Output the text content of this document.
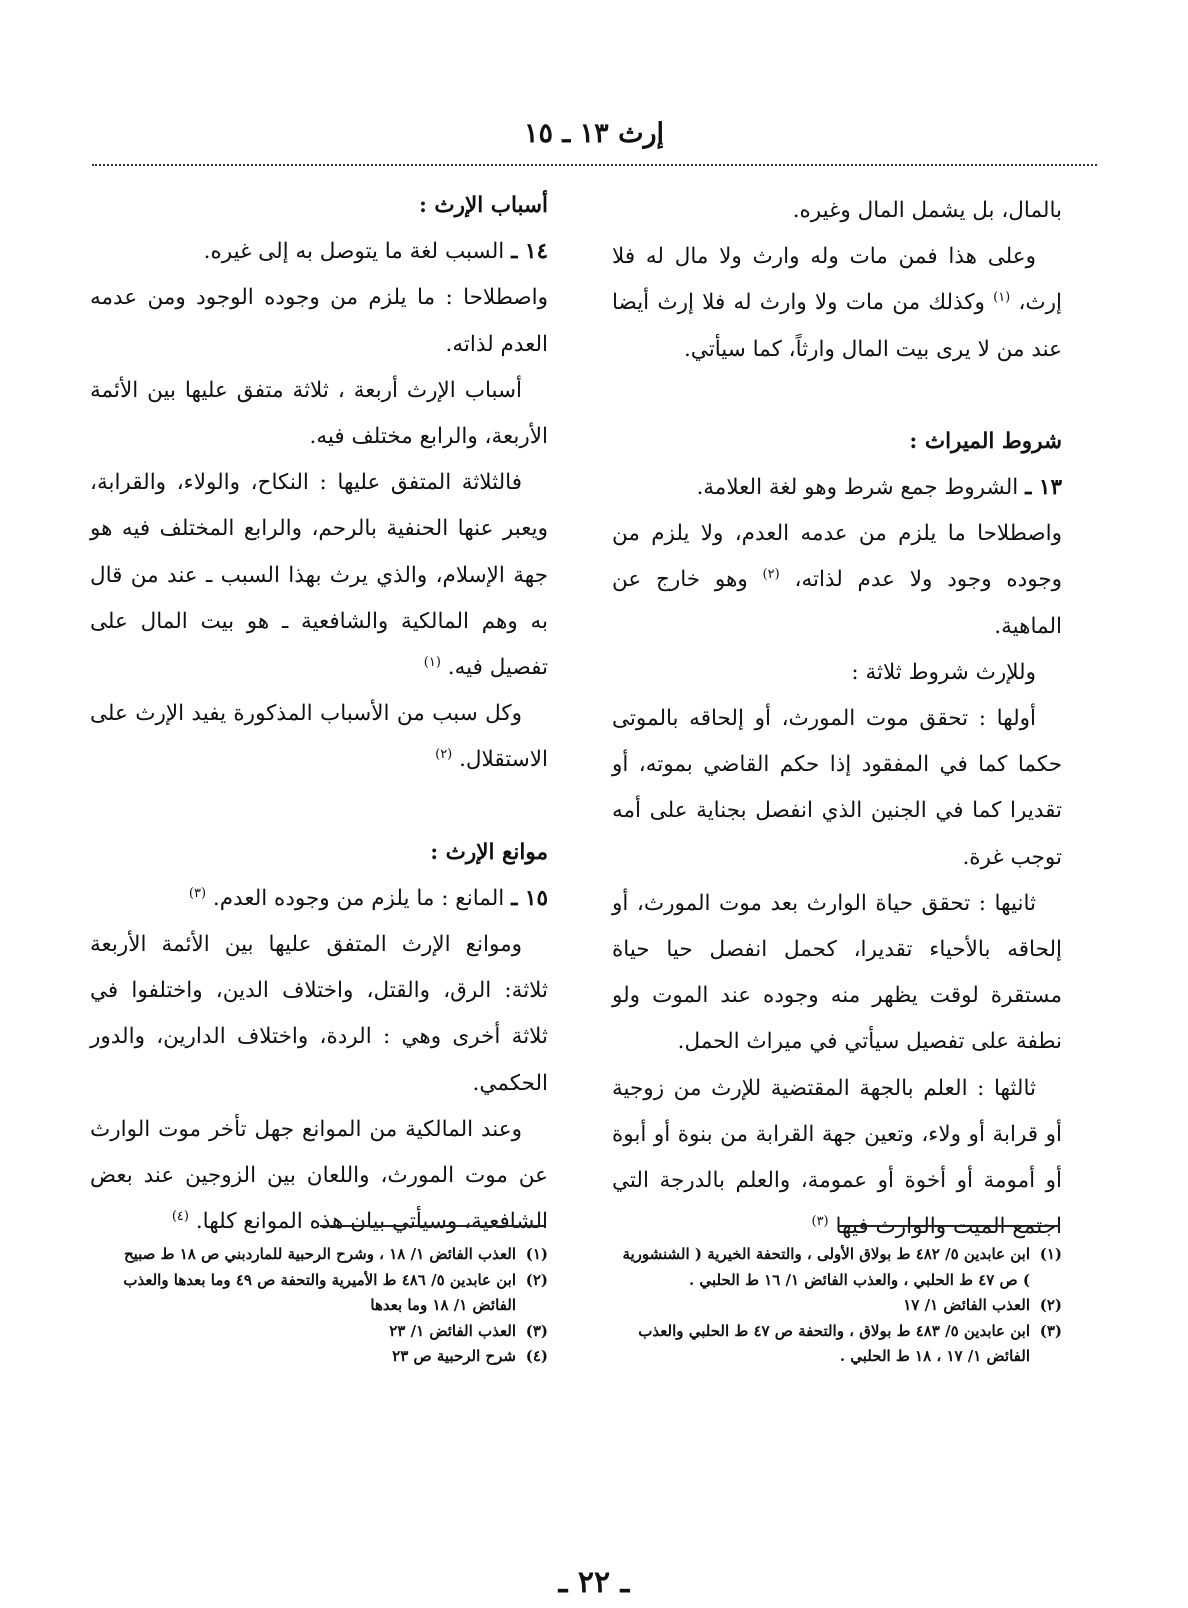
إرث ١٣ ـ ١٥

بالمال، بل يشمل المال وغيره.

وعلى هذا فمن مات وله وارث ولا مال له فلا إرث، $^{(١)}$ وكذلك من مات ولا وارث له فلا إرث أيضا عند من لا يرى بيت المال وارثاً، كما سيأتي.

شروط الميراث :

١٣ ـ الشروط جمع شرط وهو لغة العلامة.

واصطلاحا ما يلزم من عدمه العدم، ولا يلزم من وجوده وجود ولا عدم لذاته، $^{(٢)}$ وهو خارج عن الماهية.

وللإرث شروط ثلاثة :

أولها : تحقق موت المورث، أو إلحاقه بالموتى حكما كما في المفقود إذا حكم القاضي بموته، أو تقديرا كما في الجنين الذي انفصل بجناية على أمه توجب غرة.

ثانيها : تحقق حياة الوارث بعد موت المورث، أو إلحاقه بالأحياء تقديرا، كحمل انفصل حيا حياة مستقرة لوقت يظهر منه وجوده عند الموت ولو نطفة على تفصيل سيأتي في ميراث الحمل.

ثالثها : العلم بالجهة المقتضية للإرث من زوجية أو قرابة أو ولاء، وتعين جهة القرابة من بنوة أو أبوة أو أمومة أو أخوة أو عمومة، والعلم بالدرجة التي اجتمع الميت والوارث فيها $^{(٣)}$

أسباب الإرث :

١٤ ـ السبب لغة ما يتوصل به إلى غيره.

واصطلاحا : ما يلزم من وجوده الوجود ومن عدمه العدم لذاته.

أسباب الإرث أربعة ، ثلاثة متفق عليها بين الأئمة الأربعة، والرابع مختلف فيه.

فالثلاثة المتفق عليها : النكاح، والولاء، والقرابة، ويعبر عنها الحنفية بالرحم، والرابع المختلف فيه هو جهة الإسلام، والذي يرث بهذا السبب ـ عند من قال به وهم المالكية والشافعية ـ هو بيت المال على تفصيل فيه. $^{(١)}$

وكل سبب من الأسباب المذكورة يفيد الإرث على الاستقلال. $^{(٢)}$

موانع الإرث :

١٥ ـ المانع : ما يلزم من وجوده العدم. $^{(٣)}$

وموانع الإرث المتفق عليها بين الأئمة الأربعة ثلاثة: الرق، والقتل، واختلاف الدين، واختلفوا في ثلاثة أخرى وهي : الردة، واختلاف الدارين، والدور الحكمي.

وعند المالكية من الموانع جهل تأخر موت الوارث عن موت المورث، واللعان بين الزوجين عند بعض الشافعية، وسيأتي بيان هذه الموانع كلها. $^{(٤)}$

(١)
ابن عابدين ٥/ ٤٨٢ ط بولاق الأولى ، والتحفة الخيرية ( الشنشورية ) ص ٤٧ ط الحلبي ، والعذب الفائض ١/ ١٦ ط الحلبي .
(٢)
العذب الفائض ١/ ١٧
(٣)
ابن عابدين ٥/ ٤٨٣ ط بولاق ، والتحفة ص ٤٧ ط الحلبي والعذب الفائض ١/ ١٧ ، ١٨ ط الحلبي .
(١)
العذب الفائض ١/ ١٨ ، وشرح الرحبية للماردبني ص ١٨ ط صبيح
(٢)
ابن عابدين ٥/ ٤٨٦ ط الأميرية والتحفة ص ٤٩ وما بعدها والعذب الفائض ١/ ١٨ وما بعدها
(٣)
العذب الفائض ١/ ٢٣
(٤)
شرح الرحبية ص ٢٣
ـ ٢٢ ـ
